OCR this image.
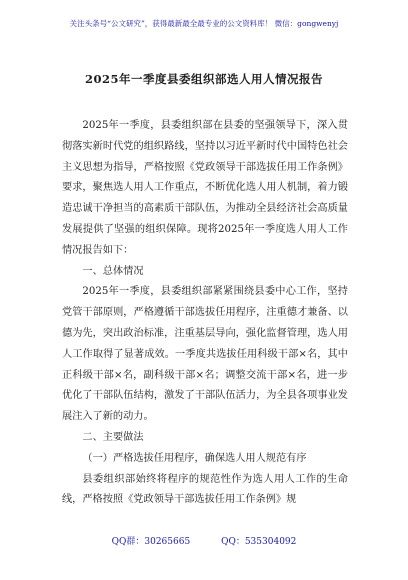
关注头条号“公文研究”，获得最新最全最专业的公文资料库！ 微信：gongwenyj
2025年一季度县委组织部选人用人情况报告

2025年一季度，县委组织部在县委的坚强领导下，深入贯彻落实新时代党的组织路线，坚持以习近平新时代中国特色社会主义思想为指导，严格按照《党政领导干部选拔任用工作条例》要求，聚焦选人用人工作重点，不断优化选人用人机制，着力锻造忠诚干净担当的高素质干部队伍，为推动全县经济社会高质量发展提供了坚强的组织保障。现将2025年一季度选人用人工作情况报告如下：

一、总体情况

2025年一季度，县委组织部紧紧围绕县委中心工作，坚持党管干部原则，严格遵循干部选拔任用程序，注重德才兼备、以德为先，突出政治标准，注重基层导向，强化监督管理，选人用人工作取得了显著成效。一季度共选拔任用科级干部×名，其中正科级干部×名，副科级干部×名；调整交流干部×名，进一步优化了干部队伍结构，激发了干部队伍活力，为全县各项事业发展注入了新的动力。

二、主要做法

（一）严格选拔任用程序，确保选人用人规范有序

县委组织部始终将程序的规范性作为选人用人工作的生命线，严格按照《党政领导干部选拔任用工作条例》规

QQ群：30265665	QQ：535304092
